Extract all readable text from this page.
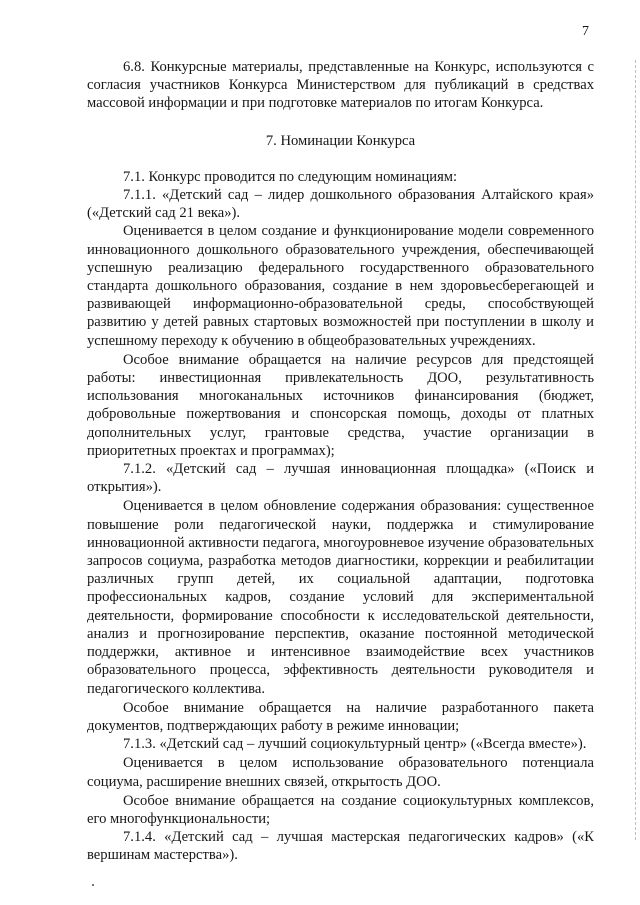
7

6.8. Конкурсные материалы, представленные на Конкурс, используются с согласия участников Конкурса Министерством для публикаций в средствах массовой информации и при подготовке материалов по итогам Конкурса.

7. Номинации Конкурса

7.1. Конкурс проводится по следующим номинациям:

7.1.1. «Детский сад – лидер дошкольного образования Алтайского края» («Детский сад 21 века»).

Оценивается в целом создание и функционирование модели современного инновационного дошкольного образовательного учреждения, обеспечивающей успешную реализацию федерального государственного образовательного стандарта дошкольного образования, создание в нем здоровьесберегающей и развивающей информационно-образовательной среды, способствующей развитию у детей равных стартовых возможностей при поступлении в школу и успешному переходу к обучению в общеобразовательных учреждениях.

Особое внимание обращается на наличие ресурсов для предстоящей работы: инвестиционная привлекательность ДОО, результативность использования многоканальных источников финансирования (бюджет, добровольные пожертвования и спонсорская помощь, доходы от платных дополнительных услуг, грантовые средства, участие организации в приоритетных проектах и программах);

7.1.2. «Детский сад – лучшая инновационная площадка» («Поиск и открытия»).

Оценивается в целом обновление содержания образования: существенное повышение роли педагогической науки, поддержка и стимулирование инновационной активности педагога, многоуровневое изучение образовательных запросов социума, разработка методов диагностики, коррекции и реабилитации различных групп детей, их социальной адаптации, подготовка профессиональных кадров, создание условий для экспериментальной деятельности, формирование способности к исследовательской деятельности, анализ и прогнозирование перспектив, оказание постоянной методической поддержки, активное и интенсивное взаимодействие всех участников образовательного процесса, эффективность деятельности руководителя и педагогического коллектива.

Особое внимание обращается на наличие разработанного пакета документов, подтверждающих работу в режиме инновации;

7.1.3. «Детский сад – лучший социокультурный центр» («Всегда вместе»).

Оценивается в целом использование образовательного потенциала социума, расширение внешних связей, открытость ДОО.

Особое внимание обращается на создание социокультурных комплексов, его многофункциональности;

7.1.4. «Детский сад – лучшая мастерская педагогических кадров» («К вершинам мастерства»).
